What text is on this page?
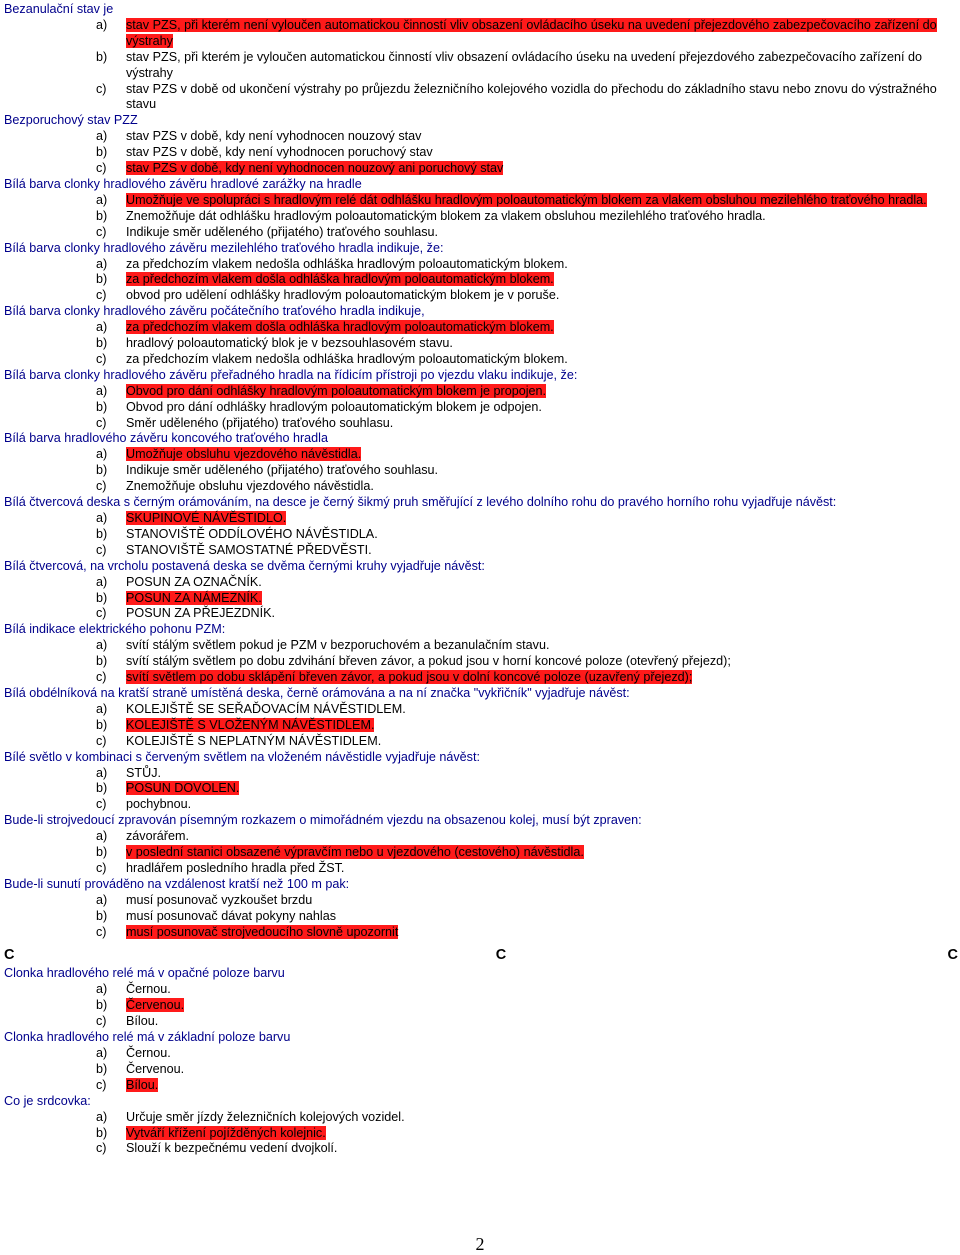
Bezanulační stav je
a)	stav PZS, při kterém není vyloučen automatickou činností vliv obsazení ovládacího úseku na uvedení přejezdového zabezpečovacího zařízení do výstrahy
b)	stav PZS, při kterém je vyloučen automatickou činností vliv obsazení ovládacího úseku na uvedení přejezdového zabezpečovacího zařízení do výstrahy
c)	stav PZS v době od ukončení výstrahy po průjezdu železničního kolejového vozidla do přechodu do základního stavu nebo znovu do výstražného stavu
Bezporuchový stav PZZ
a)	stav PZS v době, kdy není vyhodnocen nouzový stav
b)	stav PZS v době, kdy není vyhodnocen poruchový stav
c)	stav PZS v době, kdy není vyhodnocen nouzový ani poruchový stav
Bílá barva clonky hradlového závěru hradlové zarážky na hradle
a)	Umožňuje ve spolupráci s hradlovým relé dát odhlášku hradlovým poloautomatickým blokem za vlakem obsluhou mezilehlého traťového hradla.
b)	Znemožňuje dát odhlášku hradlovým poloautomatickým blokem za vlakem obsluhou mezilehlého traťového hradla.
c)	Indikuje směr uděleného (přijatého) traťového souhlasu.
Bílá barva clonky hradlového závěru mezilehlého traťového hradla indikuje, že:
a)	za předchozím vlakem nedošla odhláška hradlovým poloautomatickým blokem.
b)	za předchozím vlakem došla odhláška hradlovým poloautomatickým blokem.
c)	obvod pro udělení odhlášky hradlovým poloautomatickým blokem je v poruše.
Bílá barva clonky hradlového závěru počátečního traťového hradla indikuje,
a)	za předchozím vlakem došla odhláška hradlovým poloautomatickým blokem.
b)	hradlový poloautomatický blok je v bezsouhlasovém stavu.
c)	za předchozím vlakem nedošla odhláška hradlovým poloautomatickým blokem.
Bílá barva clonky hradlového závěru přeřadného hradla na řídicím přístroji po vjezdu vlaku indikuje, že:
a)	Obvod pro dání odhlášky hradlovým poloautomatickým blokem je propojen.
b)	Obvod pro dání odhlášky hradlovým poloautomatickým blokem je odpojen.
c)	Směr uděleného (přijatého) traťového souhlasu.
Bílá barva hradlového závěru koncového traťového hradla
a)	Umožňuje obsluhu vjezdového návěstidla.
b)	Indikuje směr uděleného (přijatého) traťového souhlasu.
c)	Znemožňuje obsluhu vjezdového návěstidla.
Bílá čtvercová deska s černým orámováním, na desce je černý šikmý pruh směřující z levého dolního rohu do pravého horního rohu vyjadřuje návěst:
a)	SKUPINOVÉ NÁVĚSTIDLO.
b)	STANOVIŠTĚ ODDÍLOVÉHO NÁVĚSTIDLA.
c)	STANOVIŠTĚ SAMOSTATNÉ PŘEDVĚSTI.
Bílá čtvercová, na vrcholu postavená deska se dvěma černými kruhy vyjadřuje návěst:
a)	POSUN ZA OZNAČNÍK.
b)	POSUN ZA NÁMEZNÍK.
c)	POSUN ZA PŘEJEZDNÍK.
Bílá indikace elektrického pohonu PZM:
a)	svítí stálým světlem pokud je PZM v bezporuchovém a bezanulačním stavu.
b)	svítí stálým světlem po dobu zdvihání břeven závor, a pokud jsou v horní koncové poloze (otevřený přejezd);
c)	svítí světlem po dobu sklápění břeven závor, a pokud jsou v dolní koncové poloze (uzavřený přejezd);
Bílá obdélníková na kratší straně umístěná deska, černě orámována a na ní značka "vykřičník" vyjadřuje návěst:
a)	KOLEJIŠTĚ SE SEŘAĎOVACÍM NÁVĚSTIDLEM.
b)	KOLEJIŠTĚ S VLOŽENÝM NÁVĚSTIDLEM.
c)	KOLEJIŠTĚ S NEPLATNÝM NÁVĚSTIDLEM.
Bílé světlo v kombinaci s červeným světlem na vloženém návěstidle vyjadřuje návěst:
a)	STŮJ.
b)	POSUN DOVOLEN.
c)	pochybnou.
Bude-li strojvedoucí zpravován písemným rozkazem o mimořádném vjezdu na obsazenou kolej, musí být zpraven:
a)	závorářem.
b)	v poslední stanici obsazené výpravčím nebo u vjezdového (cestového) návěstidla.
c)	hradlářem posledního hradla před ŽST.
Bude-li sunutí prováděno na vzdálenost kratší než 100 m pak:
a)	musí posunovač vyzkoušet brzdu
b)	musí posunovač dávat pokyny nahlas
c)	musí posunovač strojvedoucího slovně upozornit
C	C	C
Clonka hradlového relé má v opačné poloze barvu
a)	Černou.
b)	Červenou.
c)	Bílou.
Clonka hradlového relé má v základní poloze barvu
a)	Černou.
b)	Červenou.
c)	Bílou.
Co je srdcovka:
a)	Určuje směr jízdy železničních kolejových vozidel.
b)	Vytváří křížení pojížděných kolejnic.
c)	Slouží k bezpečnému vedení dvojkolí.
2
